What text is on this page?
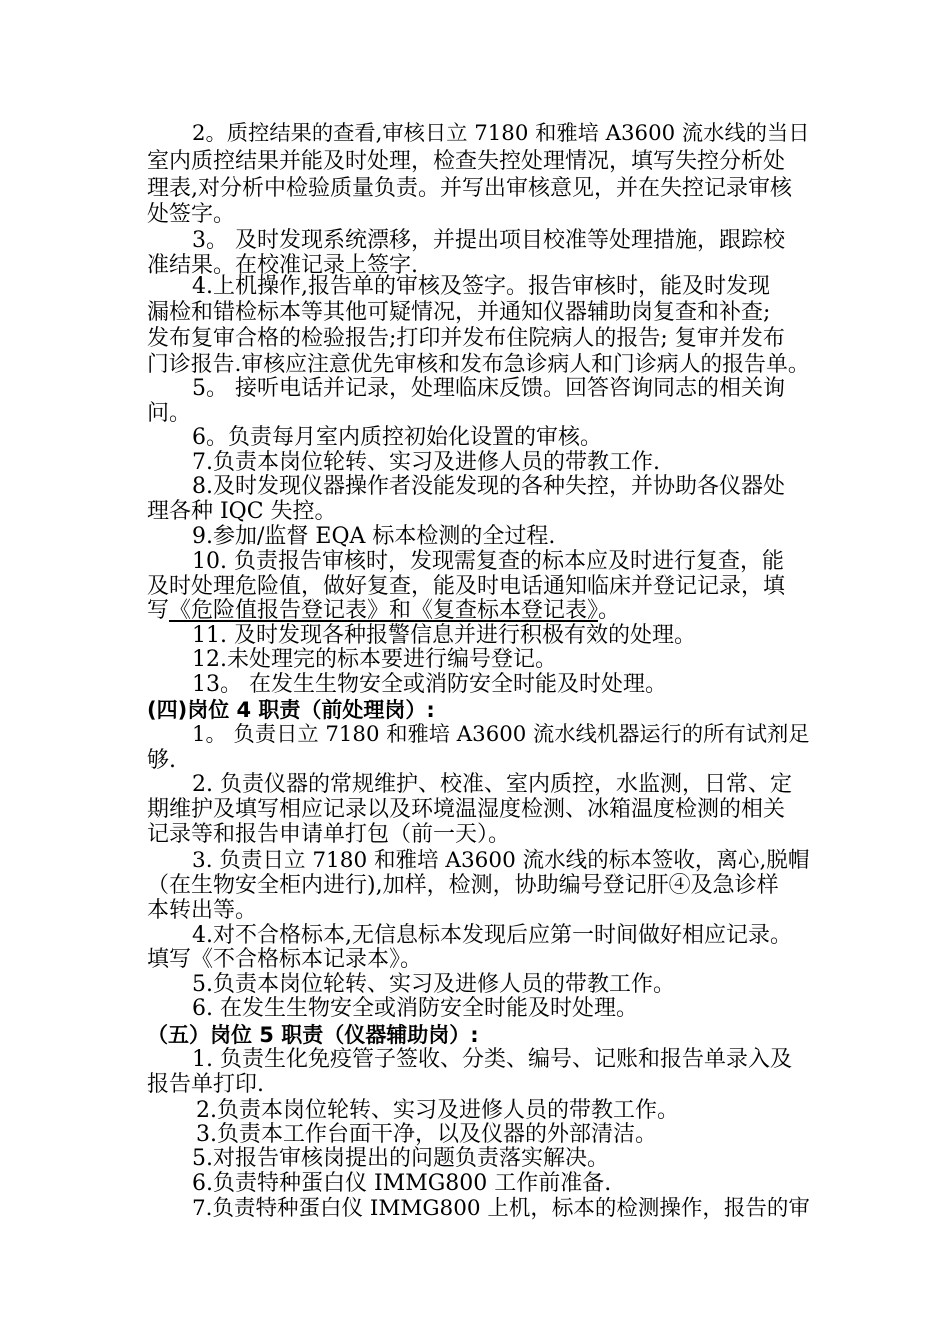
2。质控结果的查看,审核日立 7180 和雅培 A3600 流水线的当日
室内质控结果并能及时处理，检查失控处理情况，填写失控分析处
理表,对分析中检验质量负责。并写出审核意见，并在失控记录审核
处签字。
3。 及时发现系统漂移，并提出项目校准等处理措施，跟踪校
准结果。在校准记录上签字.
4.上机操作,报告单的审核及签字。报告审核时，能及时发现
漏检和错检标本等其他可疑情况，并通知仪器辅助岗复查和补查;
发布复审合格的检验报告;打印并发布住院病人的报告; 复审并发布
门诊报告.审核应注意优先审核和发布急诊病人和门诊病人的报告单。
5。 接听电话并记录，处理临床反馈。回答咨询同志的相关询
问。
6。负责每月室内质控初始化设置的审核。
7.负责本岗位轮转、实习及进修人员的带教工作.
8.及时发现仪器操作者没能发现的各种失控，并协助各仪器处
理各种 IQC 失控。
9.参加/监督 EQA 标本检测的全过程.
10. 负责报告审核时，发现需复查的标本应及时进行复查，能
及时处理危险值，做好复查，能及时电话通知临床并登记记录，填
写《危险值报告登记表》和《复查标本登记表》。
11. 及时发现各种报警信息并进行积极有效的处理。
12.未处理完的标本要进行编号登记。
13。 在发生生物安全或消防安全时能及时处理。
(四)岗位 4 职责（前处理岗）:
1。 负责日立 7180 和雅培 A3600 流水线机器运行的所有试剂足
够.
2. 负责仪器的常规维护、校准、室内质控，水监测，日常、定
期维护及填写相应记录以及环境温湿度检测、冰箱温度检测的相关
记录等和报告申请单打包（前一天）。
3. 负责日立 7180 和雅培 A3600 流水线的标本签收，离心,脱帽
（在生物安全柜内进行),加样，检测，协助编号登记肝④及急诊样
本转出等。
4.对不合格标本,无信息标本发现后应第一时间做好相应记录。
填写《不合格标本记录本》。
5.负责本岗位轮转、实习及进修人员的带教工作。
6. 在发生生物安全或消防安全时能及时处理。
（五）岗位 5 职责（仪器辅助岗）:
1. 负责生化免疫管子签收、分类、编号、记账和报告单录入及
报告单打印.
2.负责本岗位轮转、实习及进修人员的带教工作。
3.负责本工作台面干净，以及仪器的外部清洁。
5.对报告审核岗提出的问题负责落实解决。
6.负责特种蛋白仪 IMMG800 工作前准备.
7.负责特种蛋白仪 IMMG800 上机，标本的检测操作，报告的审
